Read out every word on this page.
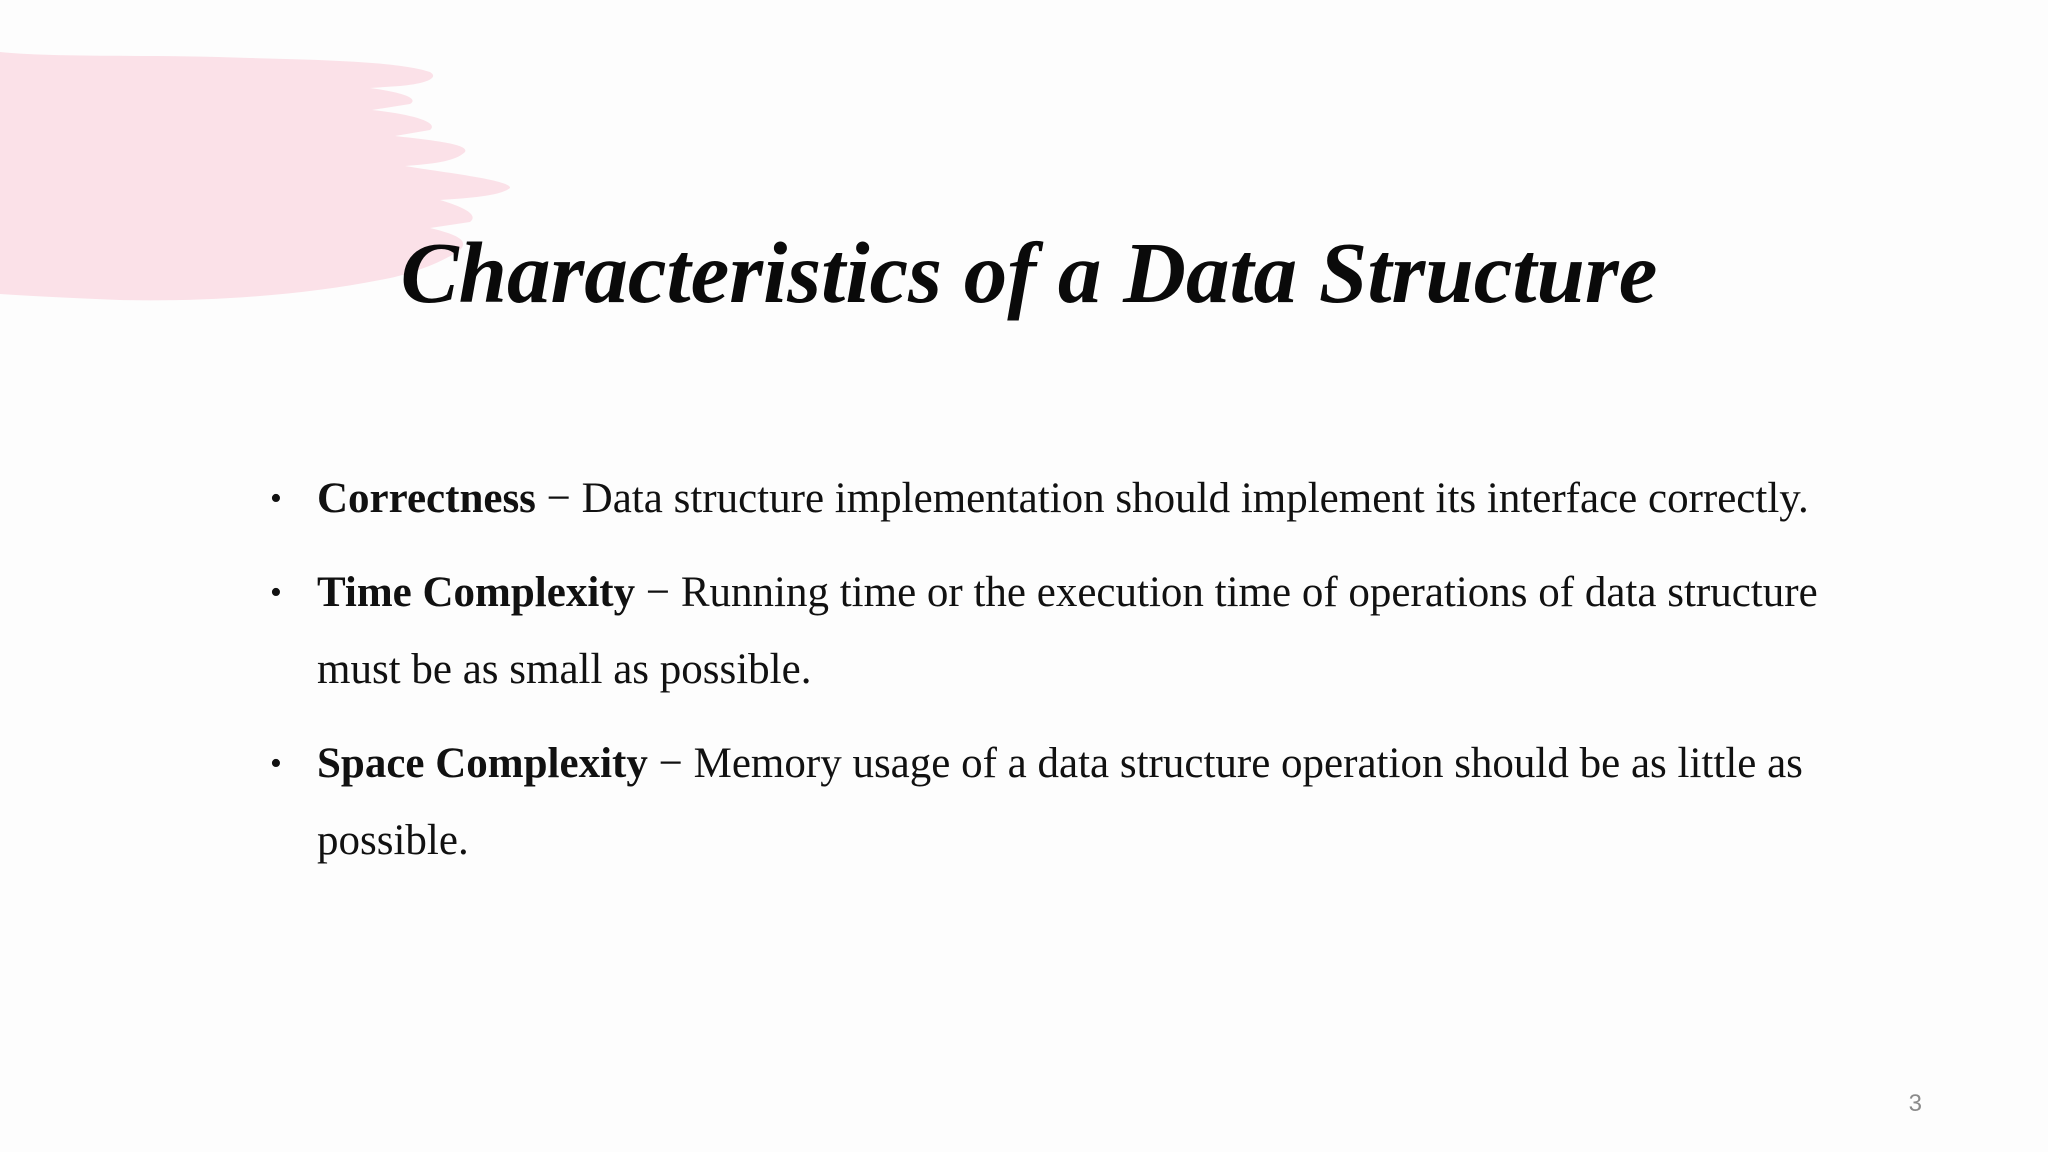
Characteristics of a Data Structure
• Correctness − Data structure implementation should implement its interface correctly.
• Time Complexity − Running time or the execution time of operations of data structure must be as small as possible.
• Space Complexity − Memory usage of a data structure operation should be as little as possible.
3
